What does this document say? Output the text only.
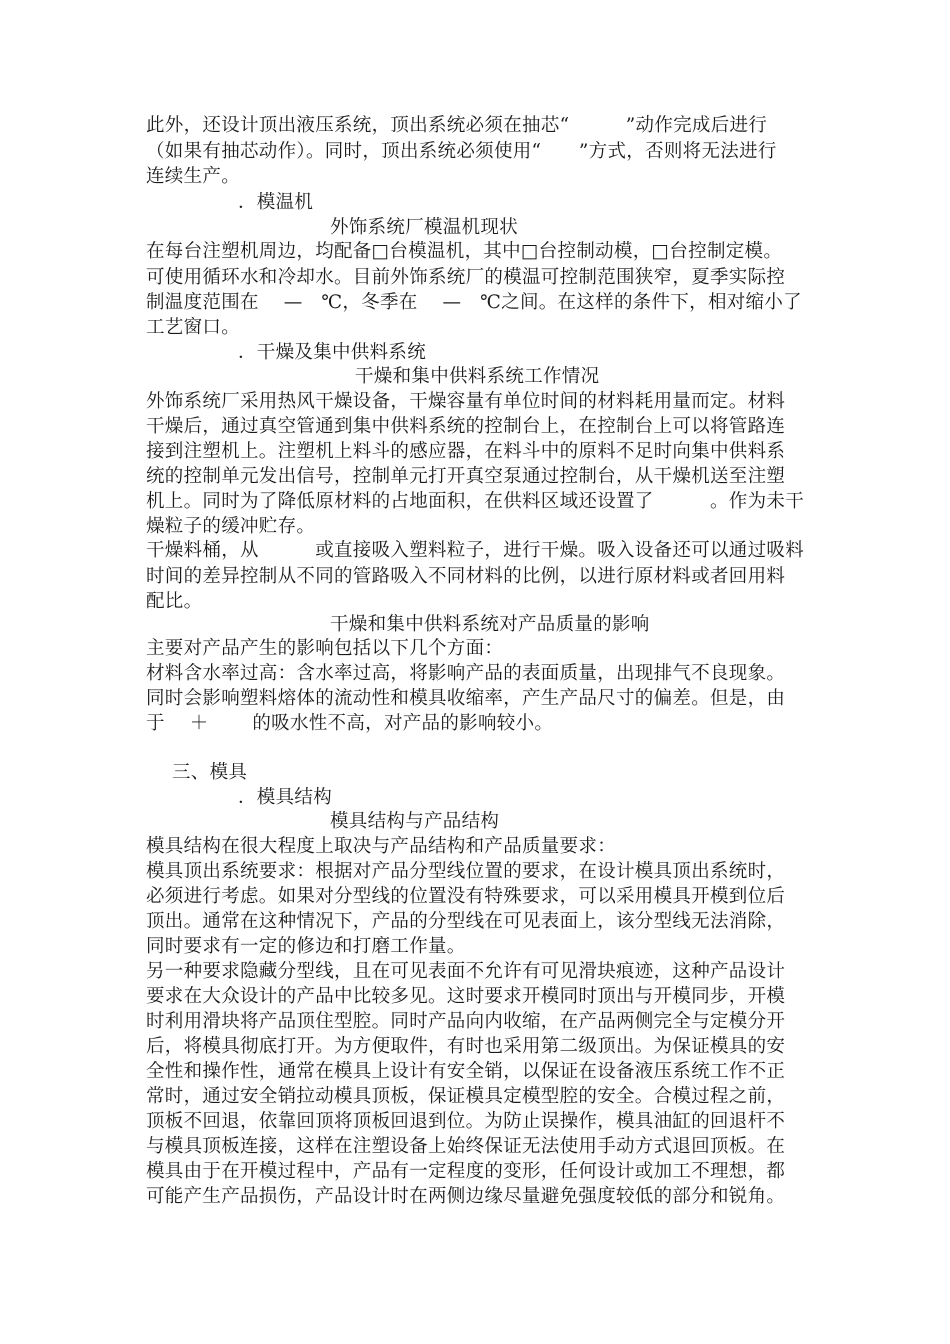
此外，还设计顶出液压系统，顶出系统必须在抽芯“　　　”动作完成后进行
（如果有抽芯动作）。同时，顶出系统必须使用“　　”方式，否则将无法进行
连续生产。
．模温机
外饰系统厂模温机现状
在每台注塑机周边，均配备□台模温机，其中□台控制动模，□台控制定模。
可使用循环水和冷却水。目前外饰系统厂的模温可控制范围狭窄，夏季实际控
制温度范围在　 —　℃，冬季在　 —　℃之间。在这样的条件下，相对缩小了
工艺窗口。
．干燥及集中供料系统
干燥和集中供料系统工作情况
外饰系统厂采用热风干燥设备，干燥容量有单位时间的材料耗用量而定。材料
干燥后，通过真空管通到集中供料系统的控制台上，在控制台上可以将管路连
接到注塑机上。注塑机上料斗的感应器，在料斗中的原料不足时向集中供料系
统的控制单元发出信号，控制单元打开真空泵通过控制台，从干燥机送至注塑
机上。同时为了降低原材料的占地面积，在供料区域还设置了　　　。作为未干
燥粒子的缓冲贮存。
干燥料桶，从　　　或直接吸入塑料粒子，进行干燥。吸入设备还可以通过吸料
时间的差异控制从不同的管路吸入不同材料的比例，以进行原材料或者回用料
配比。
干燥和集中供料系统对产品质量的影响
主要对产品产生的影响包括以下几个方面：
材料含水率过高：含水率过高，将影响产品的表面质量，出现排气不良现象。
同时会影响塑料熔体的流动性和模具收缩率，产生产品尺寸的偏差。但是，由
于　 ＋　　 的吸水性不高，对产品的影响较小。
三、模具
．模具结构
模具结构与产品结构
模具结构在很大程度上取决与产品结构和产品质量要求：
模具顶出系统要求：根据对产品分型线位置的要求，在设计模具顶出系统时，
必须进行考虑。如果对分型线的位置没有特殊要求，可以采用模具开模到位后
顶出。通常在这种情况下，产品的分型线在可见表面上，该分型线无法消除，
同时要求有一定的修边和打磨工作量。
另一种要求隐藏分型线，且在可见表面不允许有可见滑块痕迹，这种产品设计
要求在大众设计的产品中比较多见。这时要求开模同时顶出与开模同步，开模
时利用滑块将产品顶住型腔。同时产品向内收缩，在产品两侧完全与定模分开
后，将模具彻底打开。为方便取件，有时也采用第二级顶出。为保证模具的安
全性和操作性，通常在模具上设计有安全销，以保证在设备液压系统工作不正
常时，通过安全销拉动模具顶板，保证模具定模型腔的安全。合模过程之前，
顶板不回退，依靠回顶将顶板回退到位。为防止误操作，模具油缸的回退杆不
与模具顶板连接，这样在注塑设备上始终保证无法使用手动方式退回顶板。在
模具由于在开模过程中，产品有一定程度的变形，任何设计或加工不理想，都
可能产生产品损伤，产品设计时在两侧边缘尽量避免强度较低的部分和锐角。
